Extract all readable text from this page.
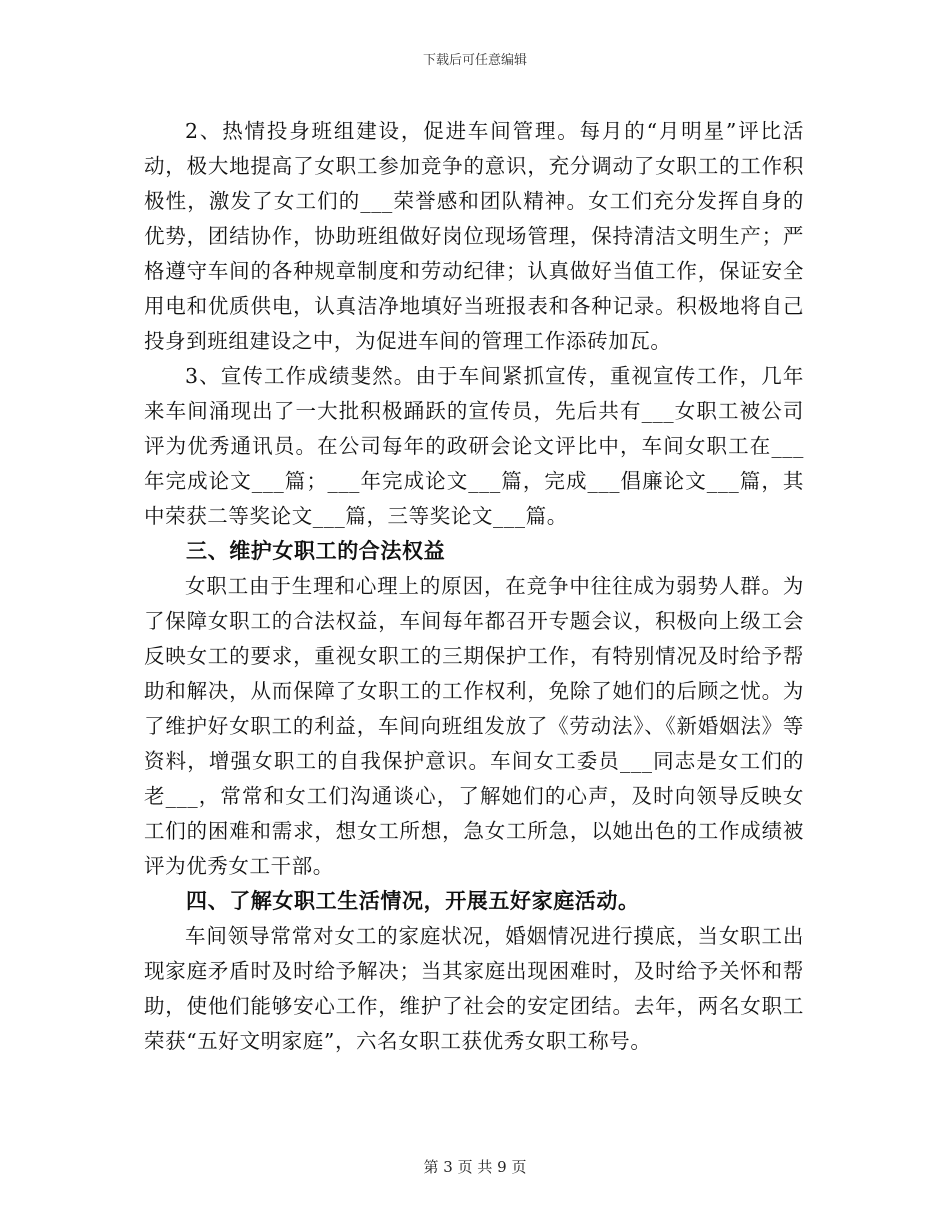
下载后可任意编辑

2、热情投身班组建设，促进车间管理。每月的“月明星”评比活动，极大地提高了女职工参加竞争的意识，充分调动了女职工的工作积极性，激发了女工们的___荣誉感和团队精神。女工们充分发挥自身的优势，团结协作，协助班组做好岗位现场管理，保持清洁文明生产；严格遵守车间的各种规章制度和劳动纪律；认真做好当值工作，保证安全用电和优质供电，认真洁净地填好当班报表和各种记录。积极地将自己投身到班组建设之中，为促进车间的管理工作添砖加瓦。

3、宣传工作成绩斐然。由于车间紧抓宣传，重视宣传工作，几年来车间涌现出了一大批积极踊跃的宣传员，先后共有___女职工被公司评为优秀通讯员。在公司每年的政研会论文评比中，车间女职工在___年完成论文___篇；___年完成论文___篇，完成___倡廉论文___篇，其中荣获二等奖论文___篇，三等奖论文___篇。

三、维护女职工的合法权益

女职工由于生理和心理上的原因，在竞争中往往成为弱势人群。为了保障女职工的合法权益，车间每年都召开专题会议，积极向上级工会反映女工的要求，重视女职工的三期保护工作，有特别情况及时给予帮助和解决，从而保障了女职工的工作权利，免除了她们的后顾之忧。为了维护好女职工的利益，车间向班组发放了《劳动法》、《新婚姻法》等资料，增强女职工的自我保护意识。车间女工委员___同志是女工们的老___，常常和女工们沟通谈心，了解她们的心声，及时向领导反映女工们的困难和需求，想女工所想，急女工所急，以她出色的工作成绩被评为优秀女工干部。

四、了解女职工生活情况，开展五好家庭活动。

车间领导常常对女工的家庭状况，婚姻情况进行摸底，当女职工出现家庭矛盾时及时给予解决；当其家庭出现困难时，及时给予关怀和帮助，使他们能够安心工作，维护了社会的安定团结。去年，两名女职工荣获“五好文明家庭”，六名女职工获优秀女职工称号。

第 3 页 共 9 页
